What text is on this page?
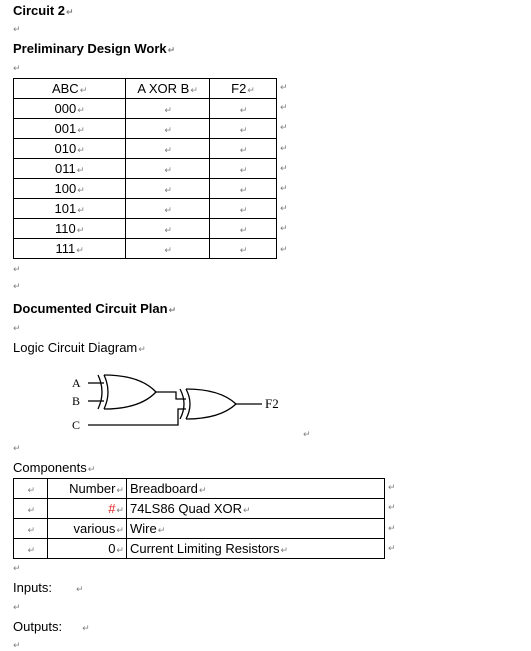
Circuit 2↵
↵
Preliminary Design Work↵
↵
ABC↵	A XOR B↵	F2↵
000↵	↵	↵
001↵	↵	↵
010↵	↵	↵
011↵	↵	↵
100↵	↵	↵
101↵	↵	↵
110↵	↵	↵
111↵	↵	↵
↵
↵
↵
↵
↵
↵
↵
↵
↵
↵
↵
Documented Circuit Plan↵
↵
Logic Circuit Diagram↵
A
B
C
F2
↵
↵
Components↵
↵	Number↵	Breadboard↵
↵	#↵	74LS86 Quad XOR↵
↵	various↵	Wire↵
↵	0↵	Current Limiting Resistors↵
↵
↵
↵
↵
↵
Inputs:	↵
↵
Outputs: ↵
↵
